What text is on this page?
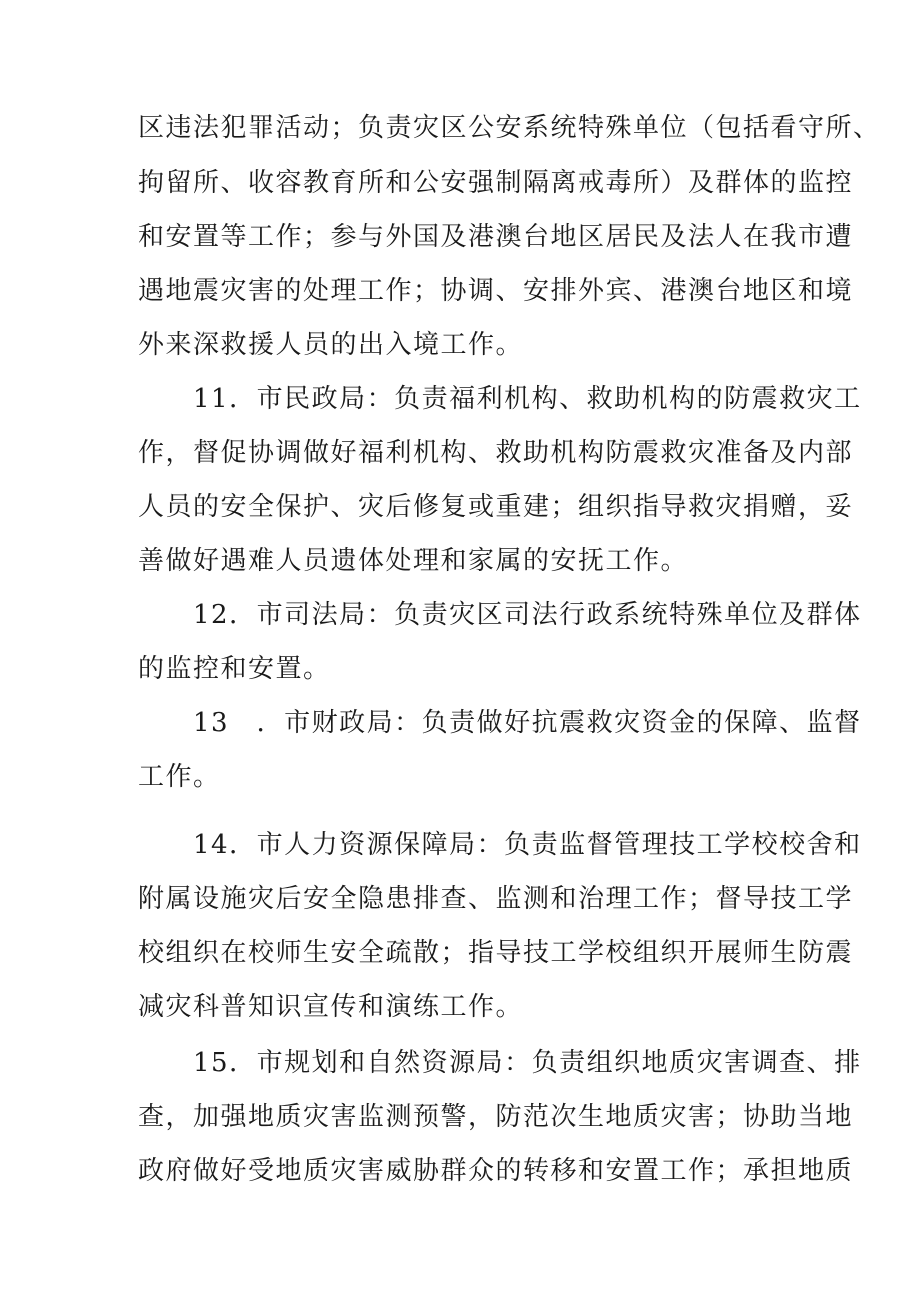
区违法犯罪活动；负责灾区公安系统特殊单位（包括看守所、
拘留所、收容教育所和公安强制隔离戒毒所）及群体的监控
和安置等工作；参与外国及港澳台地区居民及法人在我市遭
遇地震灾害的处理工作；协调、安排外宾、港澳台地区和境
外来深救援人员的出入境工作。
11．市民政局：负责福利机构、救助机构的防震救灾工
作，督促协调做好福利机构、救助机构防震救灾准备及内部
人员的安全保护、灾后修复或重建；组织指导救灾捐赠，妥
善做好遇难人员遗体处理和家属的安抚工作。
12．市司法局：负责灾区司法行政系统特殊单位及群体
的监控和安置。
13　．市财政局：负责做好抗震救灾资金的保障、监督
工作。
14．市人力资源保障局：负责监督管理技工学校校舍和
附属设施灾后安全隐患排查、监测和治理工作；督导技工学
校组织在校师生安全疏散；指导技工学校组织开展师生防震
减灾科普知识宣传和演练工作。
15．市规划和自然资源局：负责组织地质灾害调查、排
查，加强地质灾害监测预警，防范次生地质灾害；协助当地
政府做好受地质灾害威胁群众的转移和安置工作；承担地质
